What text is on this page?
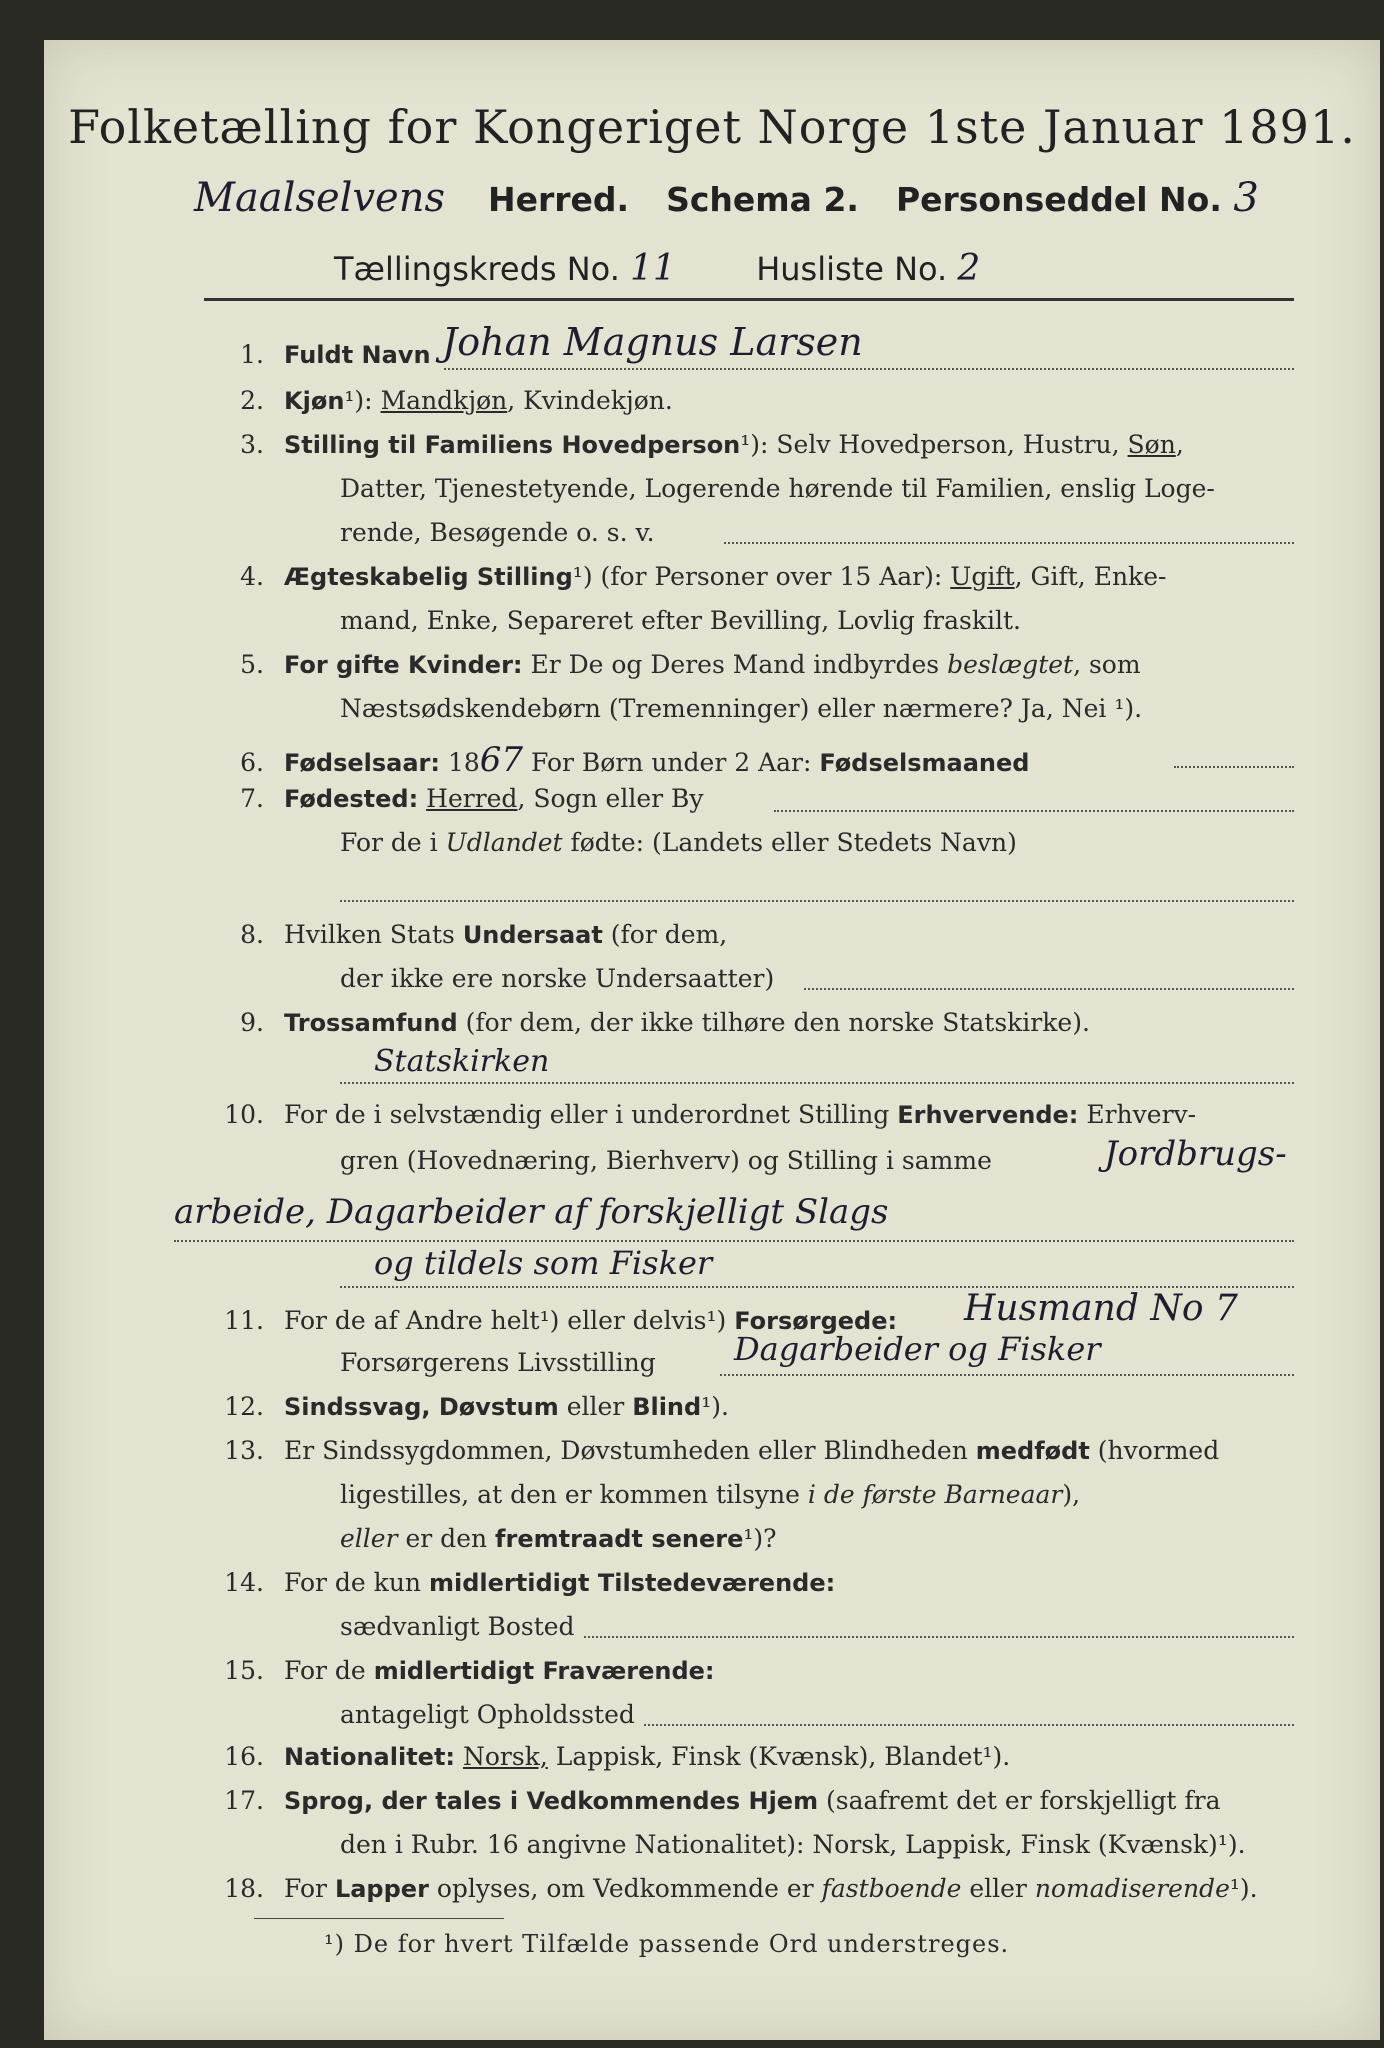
Folketælling for Kongeriget Norge 1ste Januar 1891.
Maalselvens Herred. Schema 2. Personseddel No. 3
Tællingskreds No. 11	Husliste No. 2
1. Fuldt Navn Johan Magnus Larsen
2. Kjøn¹): Mandkjøn, Kvindekjøn.
3. Stilling til Familiens Hovedperson¹): Selv Hovedperson, Hustru, Søn,
Datter, Tjenestetyende, Logerende hørende til Familien, enslig Loge-
rende, Besøgende o. s. v.
4. Ægteskabelig Stilling¹) (for Personer over 15 Aar): Ugift, Gift, Enke-
mand, Enke, Separeret efter Bevilling, Lovlig fraskilt.
5. For gifte Kvinder: Er De og Deres Mand indbyrdes beslægtet, som
Næstsødskendebørn (Tremenninger) eller nærmere? Ja, Nei ¹).
6. Fødselsaar: 1867 For Børn under 2 Aar: Fødselsmaaned
7. Fødested: Herred, Sogn eller By
For de i Udlandet fødte: (Landets eller Stedets Navn)
8. Hvilken Stats Undersaat (for dem,
der ikke ere norske Undersaatter)
9. Trossamfund (for dem, der ikke tilhøre den norske Statskirke).
Statskirken
10. For de i selvstændig eller i underordnet Stilling Erhvervende: Erhverv-
gren (Hovednæring, Bierhverv) og Stilling i samme	Jordbrugs-
arbeide, Dagarbeider af forskjelligt Slags
og tildels som Fisker
11. For de af Andre helt¹) eller delvis¹) Forsørgede:	Husmand No 7
Forsørgerens Livsstilling Dagarbeider og Fisker
12. Sindssvag, Døvstum eller Blind¹).
13. Er Sindssygdommen, Døvstumheden eller Blindheden medfødt (hvormed
ligestilles, at den er kommen tilsyne i de første Barneaar),
eller er den fremtraadt senere¹)?
14. For de kun midlertidigt Tilstedeværende:
sædvanligt Bosted
15. For de midlertidigt Fraværende:
antageligt Opholdssted
16. Nationalitet: Norsk, Lappisk, Finsk (Kvænsk), Blandet¹).
17. Sprog, der tales i Vedkommendes Hjem (saafremt det er forskjelligt fra
den i Rubr. 16 angivne Nationalitet): Norsk, Lappisk, Finsk (Kvænsk)¹).
18. For Lapper oplyses, om Vedkommende er fastboende eller nomadiserende¹).
¹) De for hvert Tilfælde passende Ord understreges.
